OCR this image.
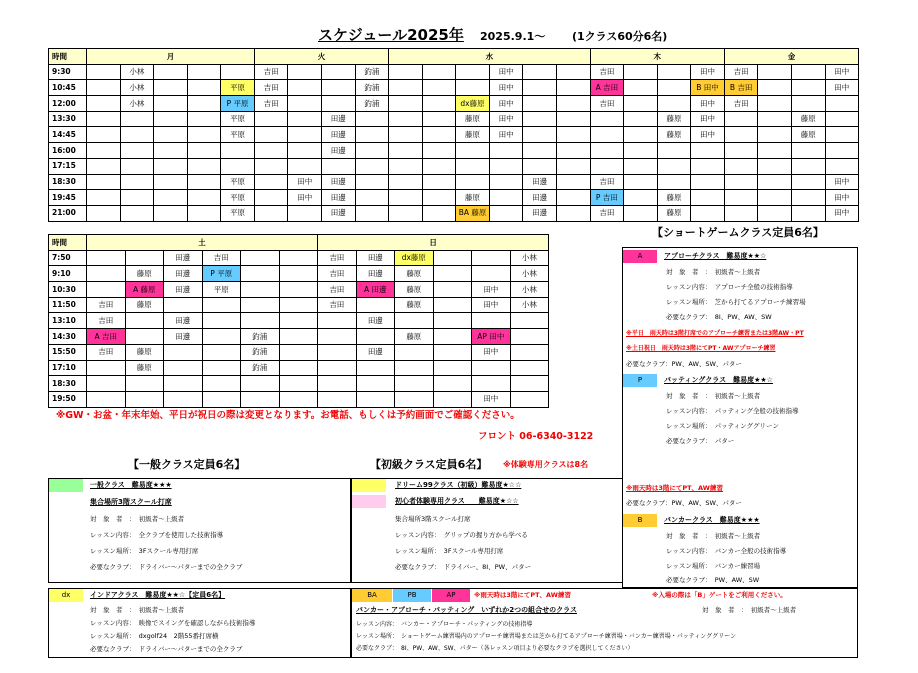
スケジュール2025年 2025.9.1～ (1クラス60分6名)
時間	月					火				水						木				金			
9:30		小林				吉田			釣浦				田中			吉田			田中	吉田			田中
10:45		小林			平原	吉田			釣浦				田中			A 吉田			B 田中	B 吉田			田中
12:00		小林			P 平原	吉田			釣浦			dx藤原	田中			吉田			田中	吉田			
13:30					平原			田邊				藤原	田中					藤原	田中			藤原	
14:45					平原			田邊				藤原	田中					藤原	田中			藤原	
16:00								田邊															
17:15																							
18:30					平原		田中	田邊						田邊		吉田							田中
19:45					平原		田中	田邊				藤原		田邊		P 吉田		藤原					田中
21:00					平原			田邊				BA 藤原		田邊		吉田		藤原					田中
時間	土						日					
7:50			田邊	吉田			吉田	田邊	dx藤原			小林
9:10		藤原	田邊	P 平原			吉田	田邊	藤原			小林
10:30		A 藤原	田邊	平原			吉田	A 田邊	藤原		田中	小林
11:50	吉田	藤原					吉田		藤原		田中	小林
13:10	吉田		田邊					田邊				
14:30	A 吉田		田邊		釣浦				藤原		AP 田中	
15:50	吉田	藤原			釣浦			田邊			田中	
17:10		藤原			釣浦							
18:30												
19:50											田中	
※GW・お盆・年末年始、平日が祝日の際は変更となります。お電話、もしくは予約画面でご確認ください。
フロント 06-6340-3122
【一般クラス定員6名】
一般クラス　難易度★★★
集合場所3階スクール打席
対　象　者　：　初級者～上級者
レッスン内容：　全クラブを使用した技術指導
レッスン場所：　3Fスクール専用打席
必要なクラブ：　ドライバー～パターまでの全クラブ
【初級クラス定員6名】 ※体験専用クラスは8名
ドリーム99クラス（初級）難易度★☆☆
初心者体験専用クラス　　難易度★☆☆
集合場所3階スクール打席
レッスン内容：　グリップの握り方から学べる
レッスン場所：　3Fスクール専用打席
必要なクラブ：　ドライバー、8I、PW、パター
dx	インドアクラス　難易度★★☆【定員6名】
対　象　者　：　初級者～上級者
レッスン内容：　映像でスイングを確認しながら技術指導
レッスン場所：　dxgolf24　2階55番打席横
必要なクラブ：　ドライバー～パターまでの全クラブ
BA	PB	AP	※雨天時は3階にてPT、AW練習	※入場の際は「B」ゲートをご利用ください。
バンカー・アプローチ・パッティング　いずれか2つの組合せのクラス	対　象　者　：　初級者～上級者
レッスン内容：　バンカー・アプローチ・パッティングの技術指導
レッスン場所：　ショートゲーム練習場内のアプローチ練習場または芝から打てるアプローチ練習場・バンカー練習場・パッティンググリーン
必要なクラブ：　8I、PW、AW、SW、パター（各レッスン項目より必要なクラブを選択してください）
【ショートゲームクラス定員6名】
A	アプローチクラス　難易度★★☆
対　象　者　：　初級者～上級者
レッスン内容：　アプローチ全般の技術指導
レッスン場所：　芝から打てるアプローチ練習場
必要なクラブ：　8I、PW、AW、SW
※平日　雨天時は3階打席でのアプローチ練習または3階AW・PT
※土日祝日　雨天時は3階にてPT・AWアプローチ練習
必要なクラブ：PW、AW、SW、パター
P	パッティングクラス　難易度★★☆
対　象　者　：　初級者～上級者
レッスン内容：　パッティング全般の技術指導
レッスン場所：　パッティンググリーン
必要なクラブ：　パター
※雨天時は3階にてPT、AW練習
必要なクラブ：PW、AW、SW、パター
B	バンカークラス　難易度★★★
対　象　者　：　初級者～上級者
レッスン内容：　バンカー全般の技術指導
レッスン場所：　バンカー練習場
必要なクラブ：　PW、AW、SW
